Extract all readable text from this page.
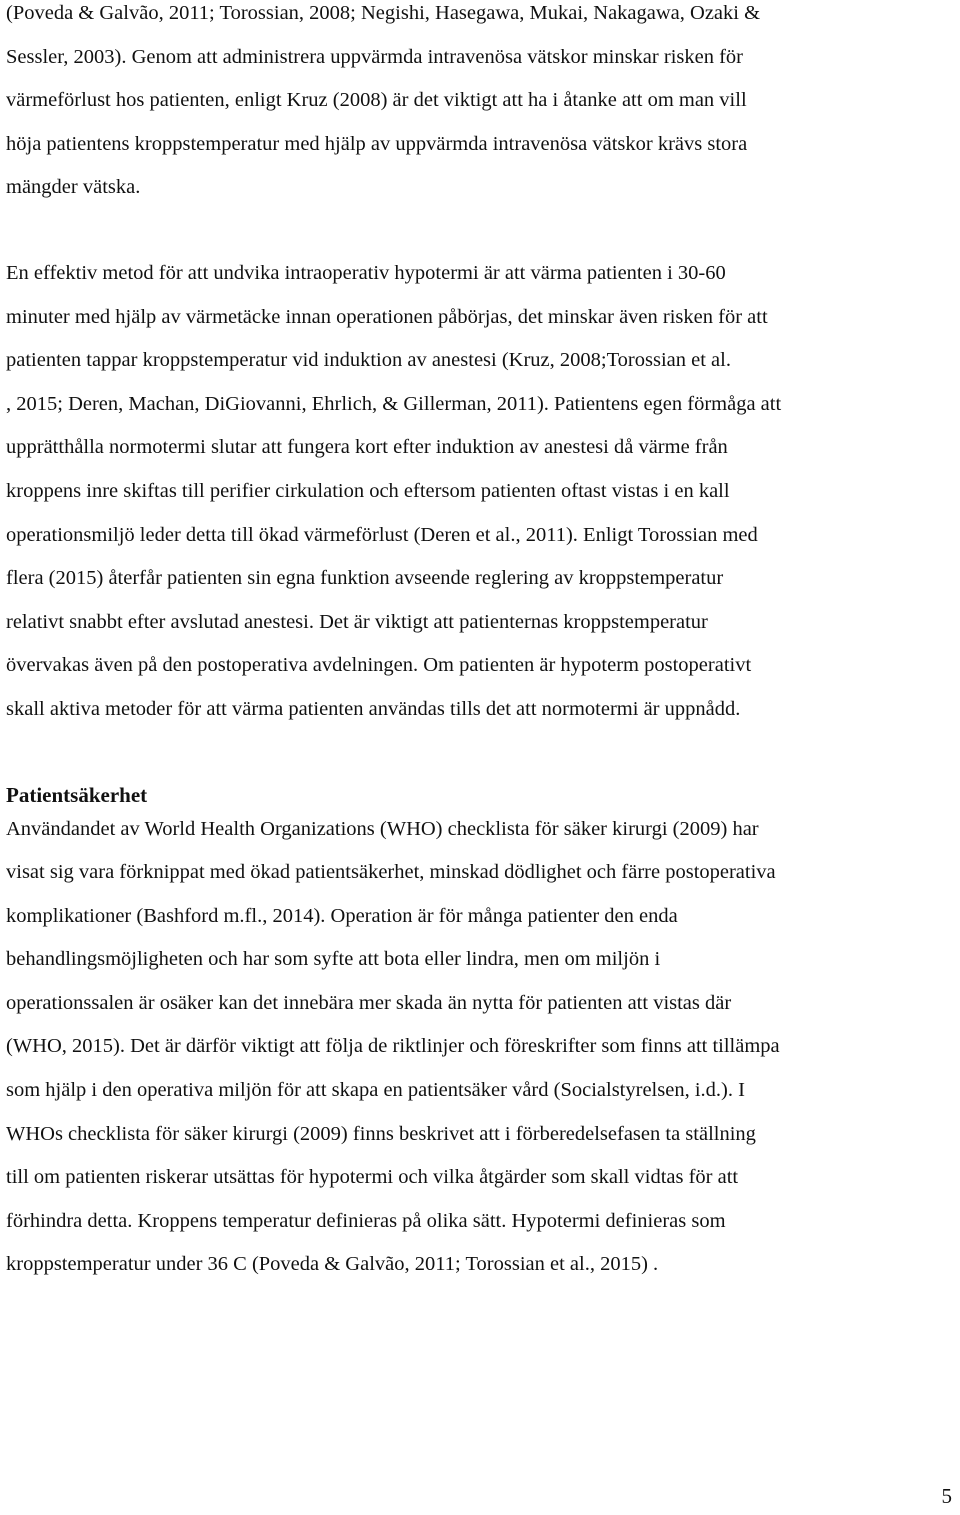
(Poveda & Galvão, 2011; Torossian, 2008; Negishi, Hasegawa, Mukai, Nakagawa, Ozaki &
Sessler, 2003). Genom att administrera uppvärmda intravenösa vätskor minskar risken för
värmeförlust hos patienten, enligt Kruz (2008) är det viktigt att ha i åtanke att om man vill
höja patientens kroppstemperatur med hjälp av uppvärmda intravenösa vätskor krävs stora
mängder vätska.

En effektiv metod för att undvika intraoperativ hypotermi är att värma patienten i 30-60
minuter med hjälp av värmetäcke innan operationen påbörjas, det minskar även risken för att
patienten tappar kroppstemperatur vid induktion av anestesi (Kruz, 2008;Torossian et al.
, 2015; Deren, Machan, DiGiovanni, Ehrlich, & Gillerman, 2011). Patientens egen förmåga att
upprätthålla normotermi slutar att fungera kort efter induktion av anestesi då värme från
kroppens inre skiftas till perifier cirkulation och eftersom patienten oftast vistas i en kall
operationsmiljö leder detta till ökad värmeförlust (Deren et al., 2011). Enligt Torossian med
flera (2015) återfår patienten sin egna funktion avseende reglering av kroppstemperatur
relativt snabbt efter avslutad anestesi. Det är viktigt att patienternas kroppstemperatur
övervakas även på den postoperativa avdelningen. Om patienten är hypoterm postoperativt
skall aktiva metoder för att värma patienten användas tills det att normotermi är uppnådd.

Patientsäkerhet

Användandet av World Health Organizations (WHO) checklista för säker kirurgi (2009) har
visat sig vara förknippat med ökad patientsäkerhet, minskad dödlighet och färre postoperativa
komplikationer (Bashford m.fl., 2014). Operation är för många patienter den enda
behandlingsmöjligheten och har som syfte att bota eller lindra, men om miljön i
operationssalen är osäker kan det innebära mer skada än nytta för patienten att vistas där
(WHO, 2015). Det är därför viktigt att följa de riktlinjer och föreskrifter som finns att tillämpa
som hjälp i den operativa miljön för att skapa en patientsäker vård (Socialstyrelsen, i.d.). I
WHOs checklista för säker kirurgi (2009) finns beskrivet att i förberedelsefasen ta ställning
till om patienten riskerar utsättas för hypotermi och vilka åtgärder som skall vidtas för att
förhindra detta. Kroppens temperatur definieras på olika sätt. Hypotermi definieras som
kroppstemperatur under 36 C (Poveda & Galvão, 2011; Torossian et al., 2015) .

5
